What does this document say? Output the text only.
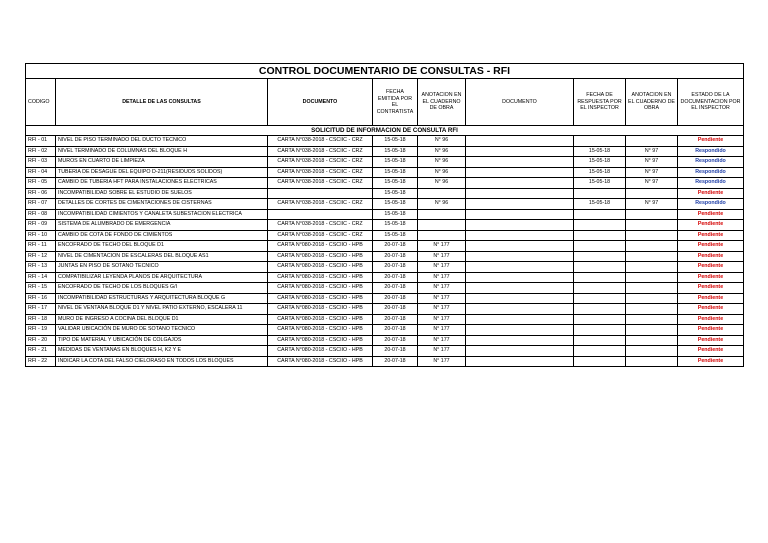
CONTROL DOCUMENTARIO DE CONSULTAS - RFI								
CODIGO	DETALLE DE LAS CONSULTAS	DOCUMENTO	FECHA EMITIDA POR EL CONTRATISTA	ANOTACION EN EL CUADERNO DE OBRA	DOCUMENTO	FECHA DE RESPUESTA POR EL INSPECTOR	ANOTACION EN EL CUADERNO DE OBRA	ESTADO DE LA DOCUMENTACION POR EL INSPECTOR
SOLICITUD DE INFORMACION DE CONSULTA RFI								
RFI - 01	NIVEL DE PISO TERMINADO DEL DUCTO TECNICO	CARTA N°038-2018 - CSCIIC - CRZ	15-05-18	N° 96				Pendiente
RFI - 02	NIVEL TERMINADO DE COLUMNAS DEL BLOQUE H	CARTA N°038-2018 - CSCIIC - CRZ	15-05-18	N° 96		15-05-18	N° 97	Respondido
RFI - 03	MUROS EN CUARTO DE LIMPIEZA	CARTA N°038-2018 - CSCIIC - CRZ	15-05-18	N° 96		15-05-18	N° 97	Respondido
RFI - 04	TUBERIA DE DESAGUE DEL EQUIPO D-211(RESIDUOS SOLIDOS)	CARTA N°038-2018 - CSCIIC - CRZ	15-05-18	N° 96		15-05-18	N° 97	Respondido
RFI - 05	CAMBIO DE TUBERIA HFT PARA INSTALACIONES ELECTRICAS	CARTA N°038-2018 - CSCIIC - CRZ	15-05-18	N° 96		15-05-18	N° 97	Respondido
RFI - 06	INCOMPATIBILIDAD SOBRE EL ESTUDIO DE SUELOS		15-05-18					Pendiente
RFI - 07	DETALLES DE CORTES DE CIMENTACIONES DE CISTERNAS	CARTA N°038-2018 - CSCIIC - CRZ	15-05-18	N° 96		15-05-18	N° 97	Respondido
RFI - 08	INCOMPATIBILIDAD CIMIENTOS Y CANALETA SUBESTACION ELECTRICA		15-05-18					Pendiente
RFI - 09	SISTEMA DE ALUMBRADO DE EMERGENCIA	CARTA N°038-2018 - CSCIIC - CRZ	15-05-18					Pendiente
RFI - 10	CAMBIO DE COTA DE FONDO DE CIMIENTOS	CARTA N°038-2018 - CSCIIC - CRZ	15-05-18					Pendiente
RFI - 11	ENCOFRADO DE TECHO DEL BLOQUE D1	CARTA N°080-2018 - CSCIIO - HPB	20-07-18	N° 177				Pendiente
RFI - 12	NIVEL DE CIMENTACION DE ESCALERAS DEL BLOQUE AS1	CARTA N°080-2018 - CSCIIO - HPB	20-07-18	N° 177				Pendiente
RFI - 13	JUNTAS EN PISO DE SOTANO TECNICO	CARTA N°080-2018 - CSCIIO - HPB	20-07-18	N° 177				Pendiente
RFI - 14	COMPATIBILIZAR LEYENDA PLANOS DE ARQUITECTURA	CARTA N°080-2018 - CSCIIO - HPB	20-07-18	N° 177				Pendiente
RFI - 15	ENCOFRADO DE TECHO DE LOS BLOQUES G/I	CARTA N°080-2018 - CSCIIO - HPB	20-07-18	N° 177				Pendiente
RFI - 16	INCOMPATIBILIDAD ESTRUCTURAS Y ARQUITECTURA BLOQUE G	CARTA N°080-2018 - CSCIIO - HPB	20-07-18	N° 177				Pendiente
RFI - 17	NIVEL DE VENTANA BLOQUE D1 Y NIVEL PATIO EXTERNO, ESCALERA 11	CARTA N°080-2018 - CSCIIO - HPB	20-07-18	N° 177				Pendiente
RFI - 18	MURO DE INGRESO A COCINA DEL BLOQUE D1	CARTA N°080-2018 - CSCIIO - HPB	20-07-18	N° 177				Pendiente
RFI - 19	VALIDAR UBICACIÓN DE MURO DE SOTANO TECNICO	CARTA N°080-2018 - CSCIIO - HPB	20-07-18	N° 177				Pendiente
RFI - 20	TIPO DE MATERIAL Y UBICACIÓN DE COLGAJOS	CARTA N°080-2018 - CSCIIO - HPB	20-07-18	N° 177				Pendiente
RFI - 21	MEDIDAS DE VENTANAS EN BLOQUES H, K2 Y E	CARTA N°080-2018 - CSCIIO - HPB	20-07-18	N° 177				Pendiente
RFI - 22	INDICAR LA COTA DEL FALSO CIELORASO EN TODOS LOS BLOQUES	CARTA N°080-2018 - CSCIIO - HPB	20-07-18	N° 177				Pendiente
